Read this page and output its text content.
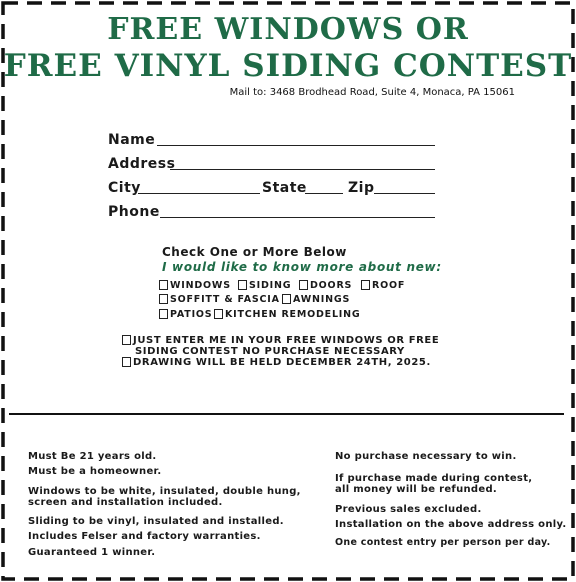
FREE WINDOWS OR
FREE VINYL SIDING CONTEST
Mail to: 3468 Brodhead Road, Suite 4, Monaca, PA 15061
Name
Address
City	State	Zip
Phone
Check One or More Below
I would like to know more about new:
WINDOWS	SIDING	DOORS	ROOF
SOFFITT & FASCIA	AWNINGS
PATIOS	KITCHEN REMODELING
JUST ENTER ME IN YOUR FREE WINDOWS OR FREE
SIDING CONTEST NO PURCHASE NECESSARY
DRAWING WILL BE HELD DECEMBER 24TH, 2025.
Must Be 21 years old.
Must be a homeowner.
Windows to be white, insulated, double hung,
screen and installation included.
Sliding to be vinyl, insulated and installed.
Includes Felser and factory warranties.
Guaranteed 1 winner.
No purchase necessary to win.
If purchase made during contest,
all money will be refunded.
Previous sales excluded.
Installation on the above address only.
One contest entry per person per day.
